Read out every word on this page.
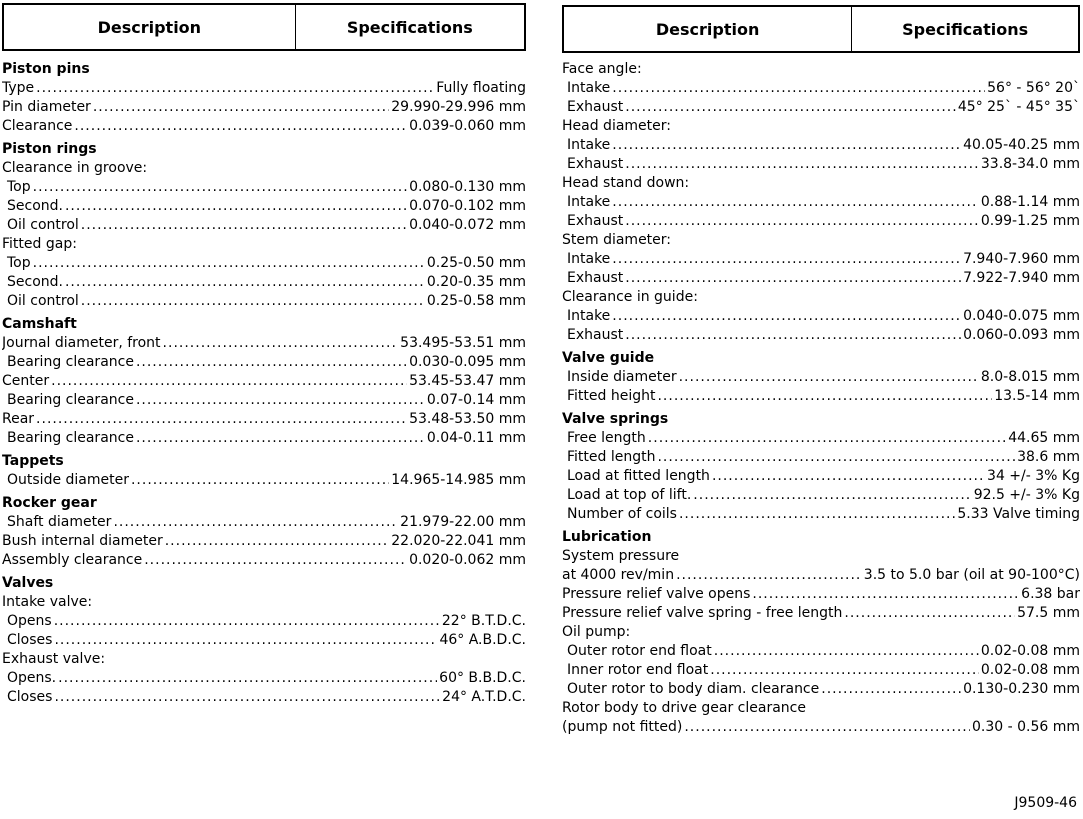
Description	Specifications
Piston pins
Type .....	Fully floating
Pin diameter .....	29.990-29.996 mm
Clearance .....	0.039-0.060 mm
Piston rings
Clearance in groove:
Top .....	0.080-0.130 mm
Second. .....	0.070-0.102 mm
Oil control .....	0.040-0.072 mm
Fitted gap:
Top .....	0.25-0.50 mm
Second. .....	0.20-0.35 mm
Oil control .....	0.25-0.58 mm
Camshaft
Journal diameter, front .....	53.495-53.51 mm
Bearing clearance .....	0.030-0.095 mm
Center .....	53.45-53.47 mm
Bearing clearance .....	0.07-0.14 mm
Rear .....	53.48-53.50 mm
Bearing clearance .....	0.04-0.11 mm
Tappets
Outside diameter .....	14.965-14.985 mm
Rocker gear
Shaft diameter .....	21.979-22.00 mm
Bush internal diameter .....	22.020-22.041 mm
Assembly clearance .....	0.020-0.062 mm
Valves
Intake valve:
Opens .....	22° B.T.D.C.
Closes .....	46° A.B.D.C.
Exhaust valve:
Opens. .....	60° B.B.D.C.
Closes .....	24° A.T.D.C.
Description	Specifications
Face angle:
Intake .....	56° - 56° 20`
Exhaust .....	45° 25` - 45° 35`
Head diameter:
Intake .....	40.05-40.25 mm
Exhaust .....	33.8-34.0 mm
Head stand down:
Intake .....	0.88-1.14 mm
Exhaust .....	0.99-1.25 mm
Stem diameter:
Intake .....	7.940-7.960 mm
Exhaust .....	7.922-7.940 mm
Clearance in guide:
Intake .....	0.040-0.075 mm
Exhaust .....	0.060-0.093 mm
Valve guide
Inside diameter .....	8.0-8.015 mm
Fitted height .....	13.5-14 mm
Valve springs
Free length .....	44.65 mm
Fitted length .....	38.6 mm
Load at fitted length .....	34 +/- 3% Kg
Load at top of lift. .....	92.5 +/- 3% Kg
Number of coils .....	5.33 Valve timing
Lubrication
System pressure
at 4000 rev/min .....	3.5 to 5.0 bar (oil at 90-100°C)
Pressure relief valve opens .....	6.38 bar
Pressure relief valve spring - free length .....	57.5 mm
Oil pump:
Outer rotor end float .....	0.02-0.08 mm
Inner rotor end float .....	0.02-0.08 mm
Outer rotor to body diam. clearance .....	0.130-0.230 mm
Rotor body to drive gear clearance
(pump not fitted) .....	0.30 - 0.56 mm
J9509-46
